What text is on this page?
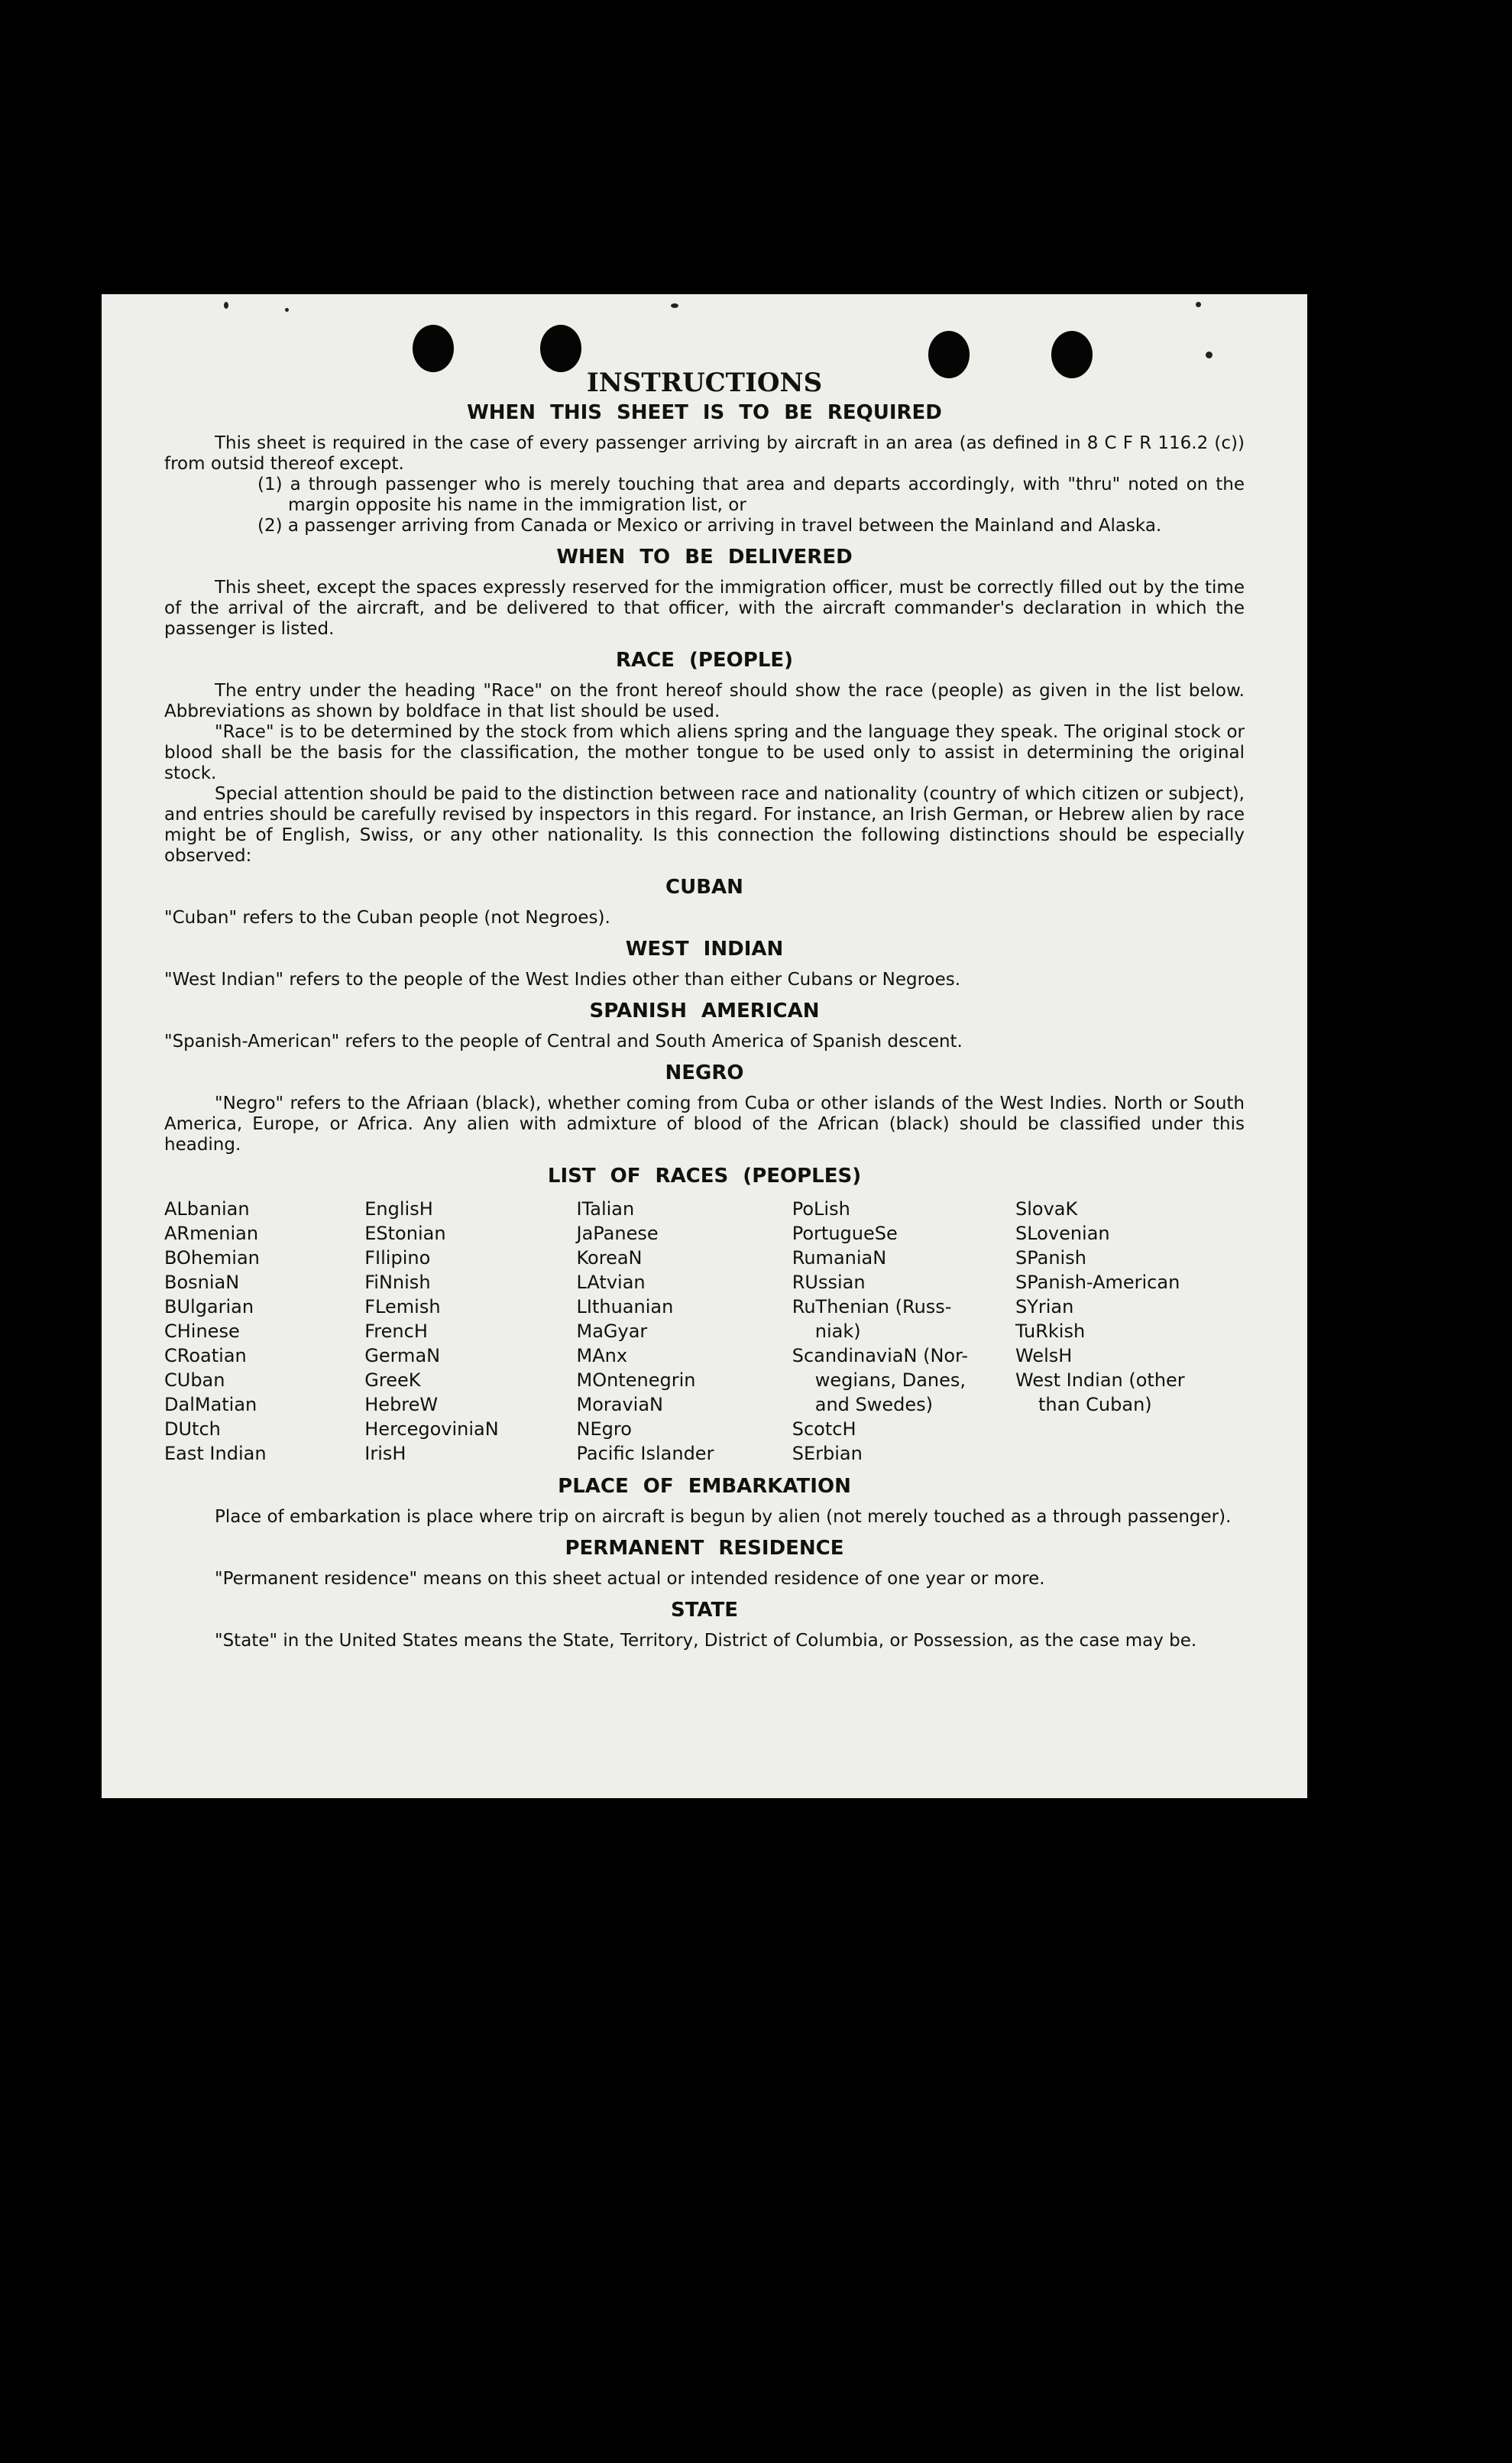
INSTRUCTIONS
WHEN THIS SHEET IS TO BE REQUIRED

This sheet is required in the case of every passenger arriving by aircraft in an area (as defined in 8 C F R 116.2 (c)) from outsid thereof except.

(1) a through passenger who is merely touching that area and departs accordingly, with "thru" noted on the margin opposite his name in the immigration list, or

(2) a passenger arriving from Canada or Mexico or arriving in travel between the Mainland and Alaska.

WHEN TO BE DELIVERED

This sheet, except the spaces expressly reserved for the immigration officer, must be correctly filled out by the time of the arrival of the aircraft, and be delivered to that officer, with the aircraft commander's declaration in which the passenger is listed.

RACE (PEOPLE)

The entry under the heading "Race" on the front hereof should show the race (people) as given in the list below. Abbreviations as shown by boldface in that list should be used.

"Race" is to be determined by the stock from which aliens spring and the language they speak. The original stock or blood shall be the basis for the classification, the mother tongue to be used only to assist in determining the original stock.

Special attention should be paid to the distinction between race and nationality (country of which citizen or subject), and entries should be carefully revised by inspectors in this regard. For instance, an Irish German, or Hebrew alien by race might be of English, Swiss, or any other nationality. Is this connection the following distinctions should be especially observed:

CUBAN

"Cuban" refers to the Cuban people (not Negroes).

WEST INDIAN

"West Indian" refers to the people of the West Indies other than either Cubans or Negroes.

SPANISH AMERICAN

"Spanish-American" refers to the people of Central and South America of Spanish descent.

NEGRO

"Negro" refers to the Afriaan (black), whether coming from Cuba or other islands of the West Indies. North or South America, Europe, or Africa. Any alien with admixture of blood of the African (black) should be classified under this heading.

LIST OF RACES (PEOPLES)
ALbanian
ARmenian
BOhemian
BosniaN
BUlgarian
CHinese
CRoatian
CUban
DalMatian
DUtch
East Indian
EnglisH
EStonian
FIlipino
FiNnish
FLemish
FrencH
GermaN
GreeK
HebreW
HercegoviniaN
IrisH
ITalian
JaPanese
KoreaN
LAtvian
LIthuanian
MaGyar
MAnx
MOntenegrin
MoraviaN
NEgro
Pacific Islander
PoLish
PortugueSe
RumaniaN
RUssian
RuThenian (Russ-
niak)
ScandinaviaN (Nor-
wegians, Danes,
and Swedes)
ScotcH
SErbian
SlovaK
SLovenian
SPanish
SPanish-American
SYrian
TuRkish
WelsH
West Indian (other
than Cuban)
PLACE OF EMBARKATION

Place of embarkation is place where trip on aircraft is begun by alien (not merely touched as a through passenger).

PERMANENT RESIDENCE

"Permanent residence" means on this sheet actual or intended residence of one year or more.

STATE

"State" in the United States means the State, Territory, District of Columbia, or Possession, as the case may be.
